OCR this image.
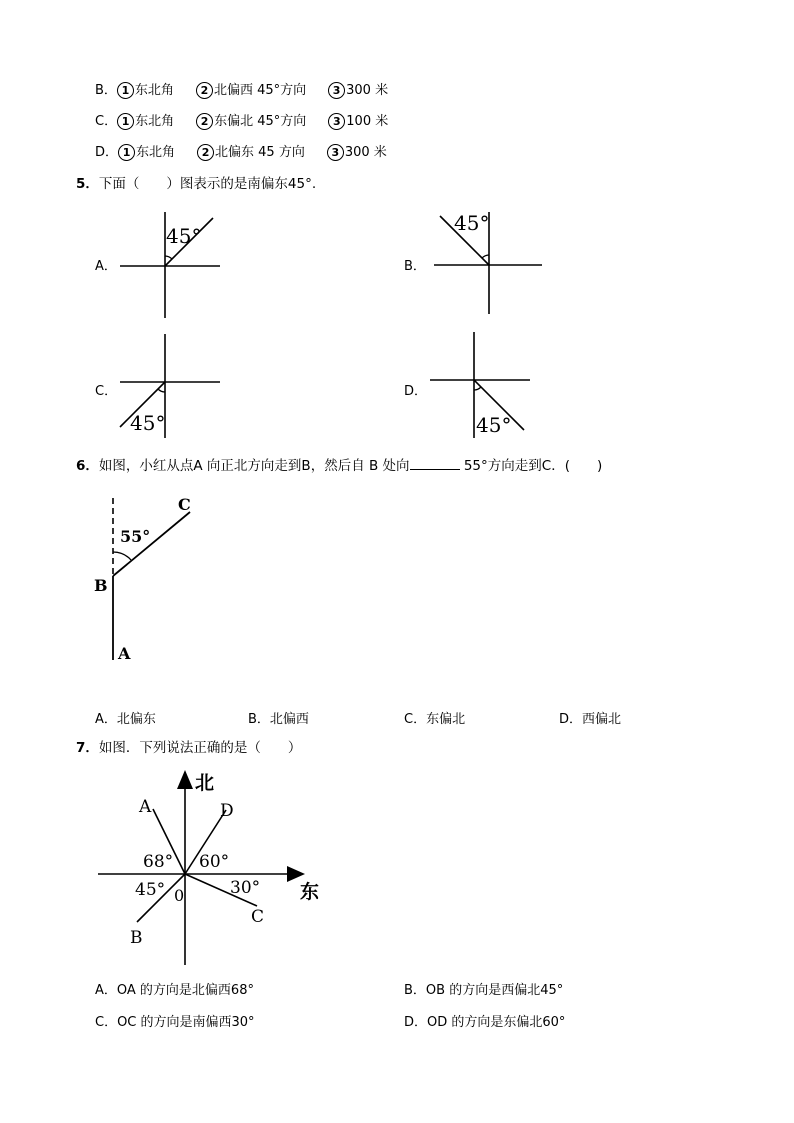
B． 1 东北角 2 北偏西 45°方向 3 300 米
C． 1 东北角 2 东偏北 45°方向 3 100 米
D． 1 东北角 2 北偏东 45 方向 3 300 米
5．下面（　　）图表示的是南偏东45°.
A．
45°
B．
45°
C．
45°
D．
45°
6．如图，小红从点A 向正北方向走到B，然后自 B 处向	55°方向走到C．(　　)
55°
B
A
C
A．北偏东	B．北偏西	C．东偏北	D．西偏北
7．如图．下列说法正确的是（　　）
北
东
A	D
C
B
68° 60°
45°	30°
0
A．OA 的方向是北偏西68°	B．OB 的方向是西偏北45°
C．OC 的方向是南偏西30°	D．OD 的方向是东偏北60°
